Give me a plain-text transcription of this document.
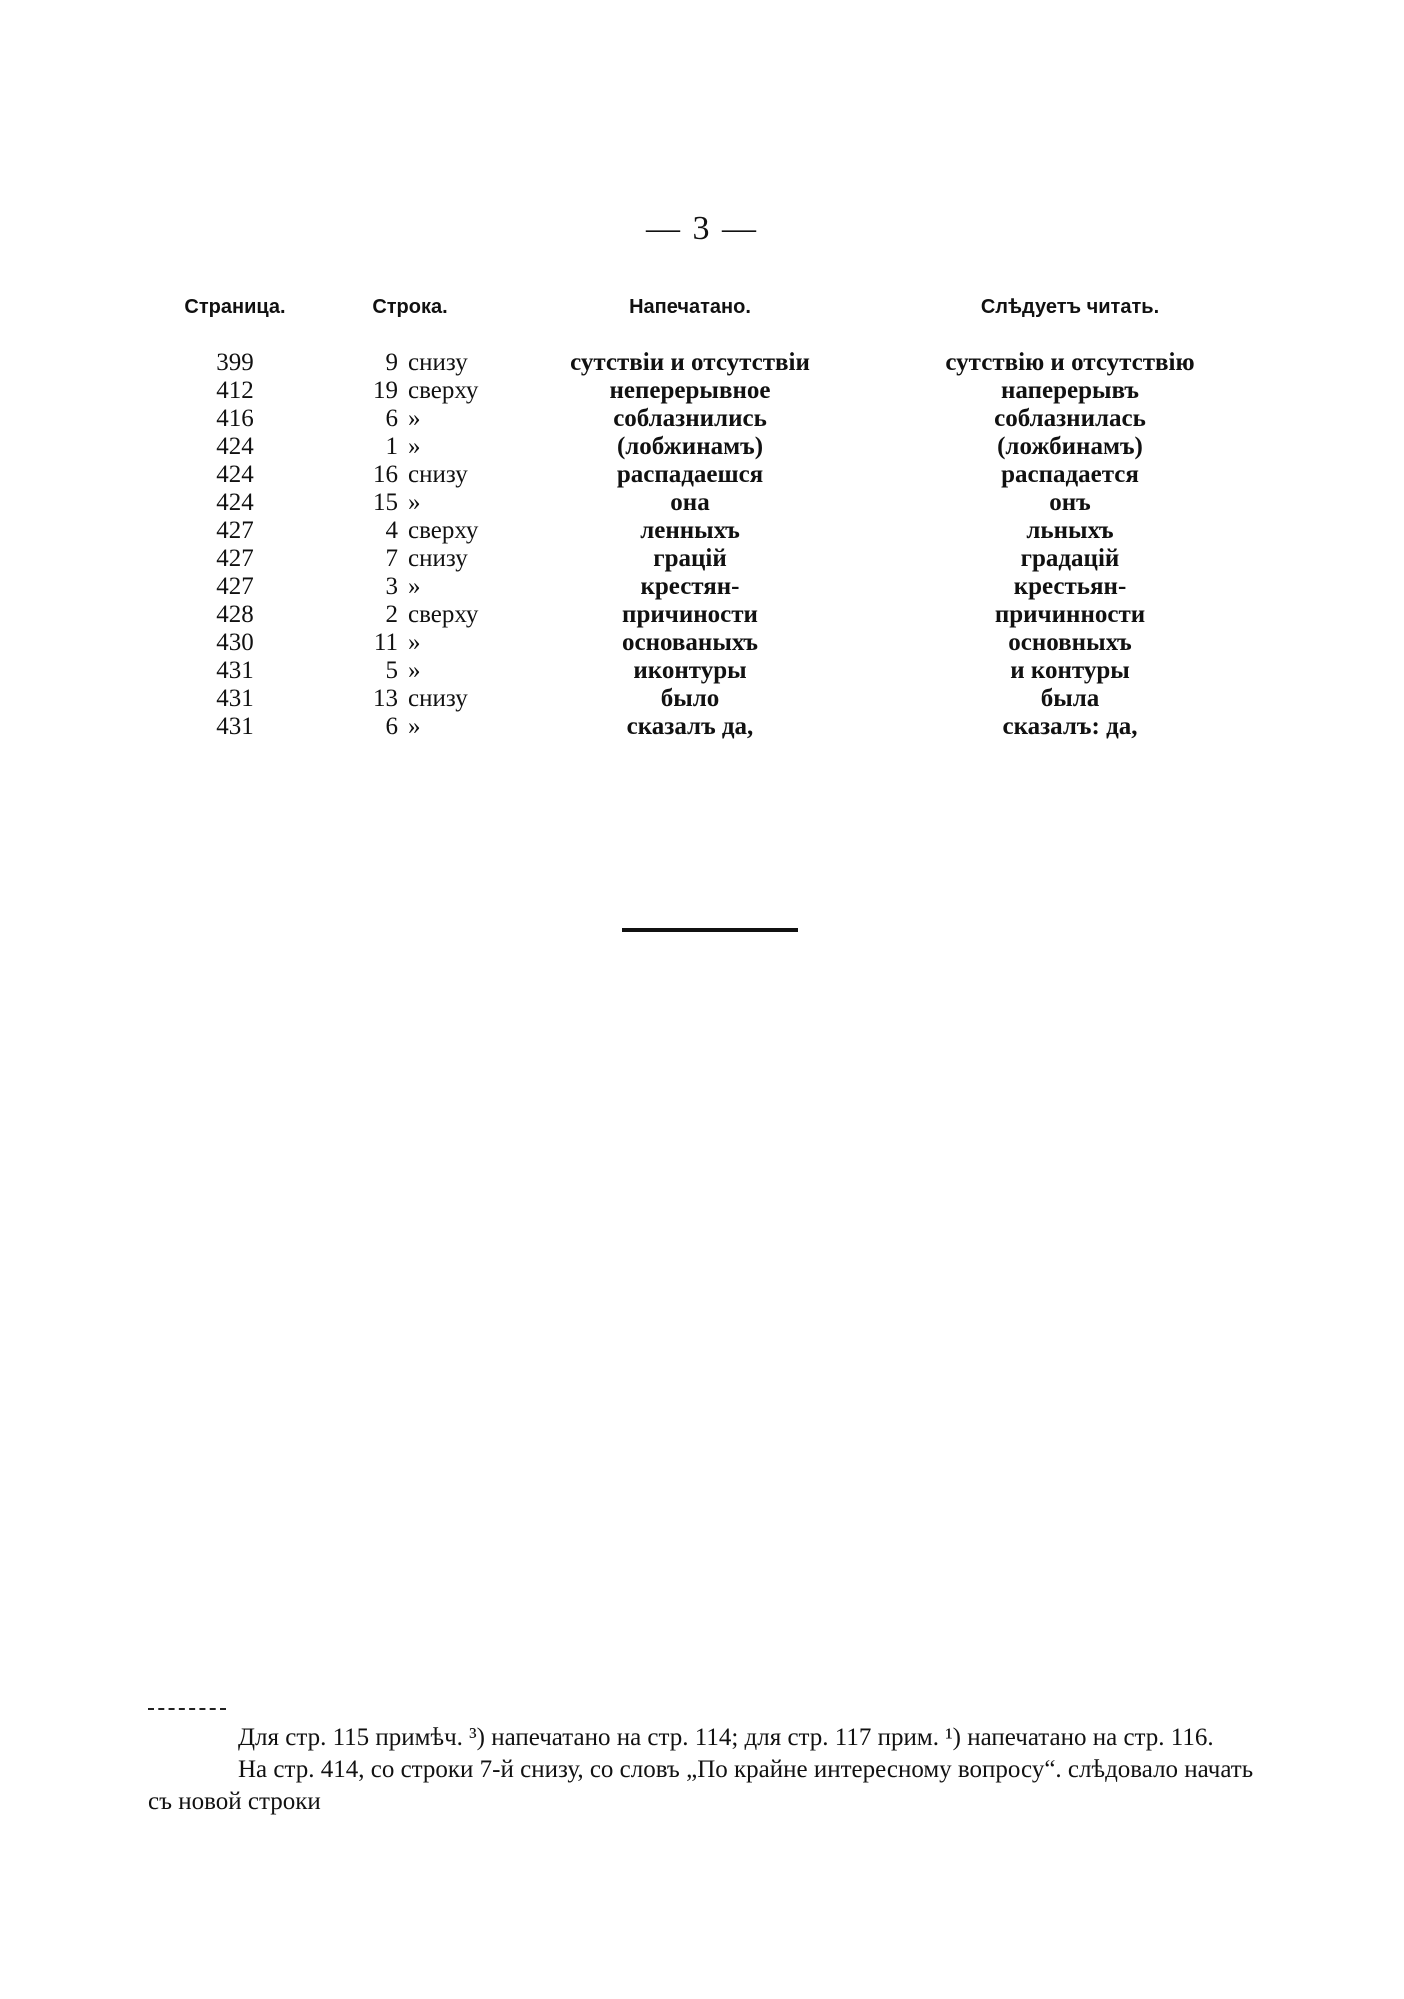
— 3 —
Страница.	Строка.	Напечатано.	Слѣдуетъ читать.
399	9 снизу	сутствіи и отсутствіи	сутствію и отсутствію
412	19 сверху	неперерывное	наперерывъ
416	6 »	соблазнились	соблазнилась
424	1 »	(лобжинамъ)	(ложбинамъ)
424	16 снизу	распадаешся	распадается
424	15 »	она	онъ
427	4 сверху	ленныхъ	льныхъ
427	7 снизу	грацій	градацій
427	3 »	крестян-	крестьян-
428	2 сверху	причиности	причинности
430	11 »	основаныхъ	основныхъ
431	5 »	иконтуры	и контуры
431	13 снизу	было	была
431	6 »	сказалъ да,	сказалъ: да,

Для стр. 115 примѣч. ³) напечатано на стр. 114; для стр. 117 прим. ¹) напечатано на стр. 116.

На стр. 414, со строки 7-й снизу, со словъ „По крайне интересному вопросу“. слѣдовало начать съ новой строки
